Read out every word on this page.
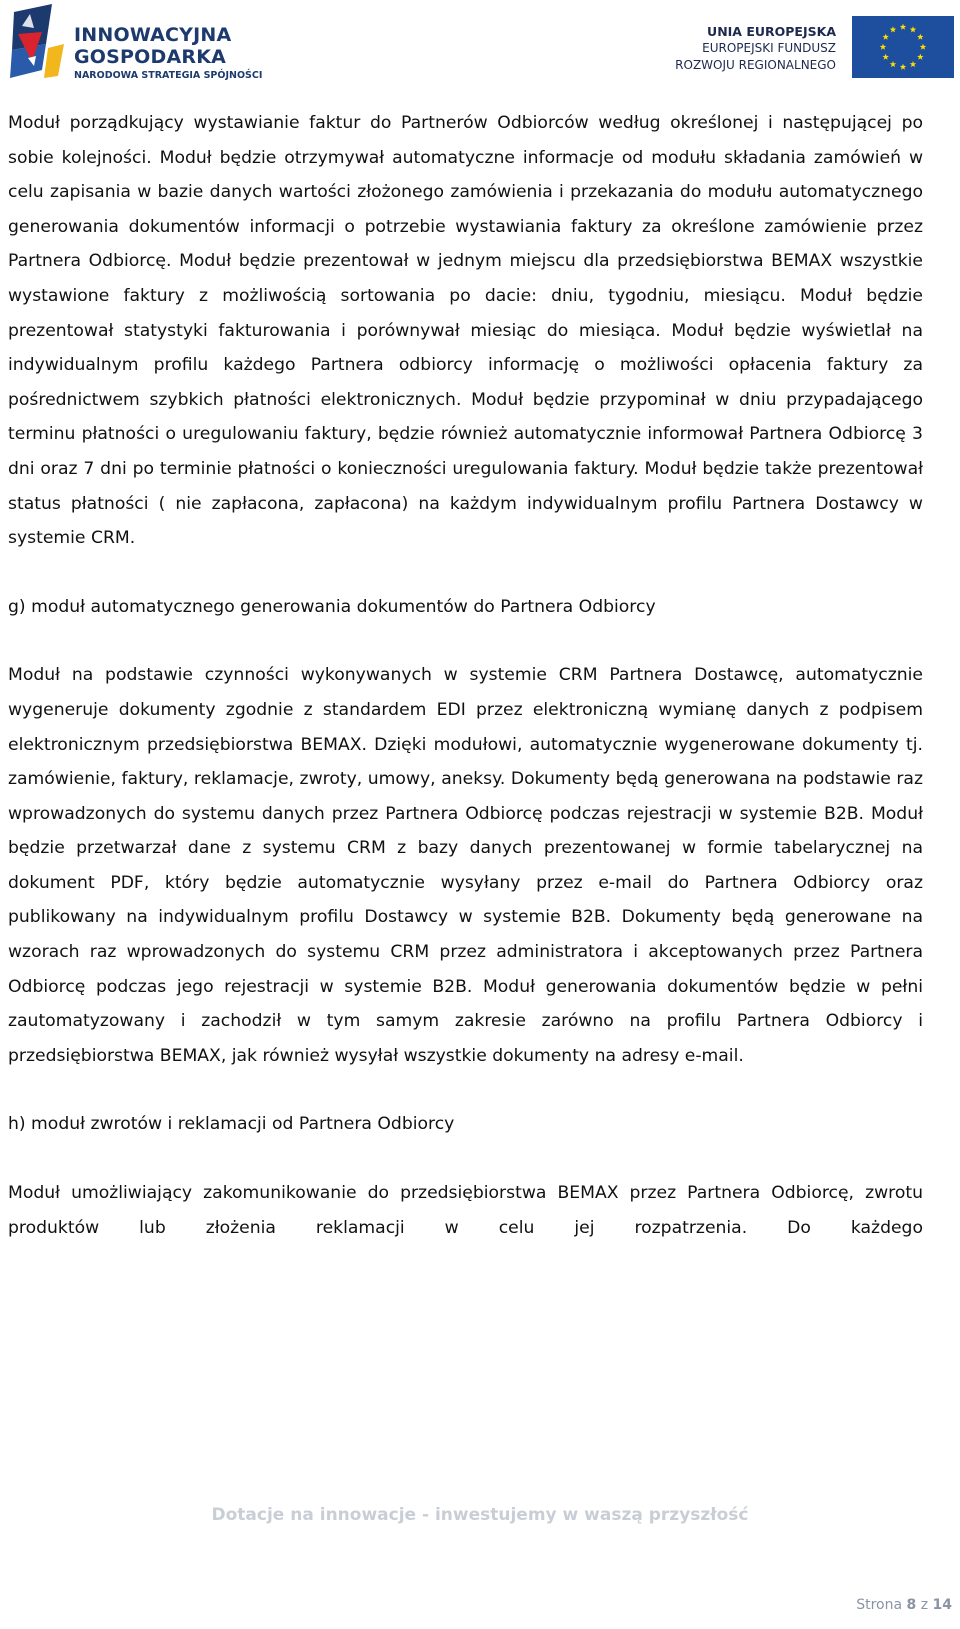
INNOWACYJNA
GOSPODARKA
NARODOWA STRATEGIA SPÓJNOŚCI
UNIA EUROPEJSKA
EUROPEJSKI FUNDUSZ
ROZWOJU REGIONALNEGO

Moduł porządkujący wystawianie faktur do Partnerów Odbiorców według określonej i następującej po sobie kolejności. Moduł będzie otrzymywał automatyczne informacje od modułu składania zamówień w celu zapisania w bazie danych wartości złożonego zamówienia i przekazania do modułu automatycznego generowania dokumentów informacji o potrzebie wystawiania faktury za określone zamówienie przez Partnera Odbiorcę. Moduł będzie prezentował w jednym miejscu dla przedsiębiorstwa BEMAX wszystkie wystawione faktury z możliwością sortowania po dacie: dniu, tygodniu, miesiącu. Moduł będzie prezentował statystyki fakturowania i porównywał miesiąc do miesiąca. Moduł będzie wyświetlał na indywidualnym profilu każdego Partnera odbiorcy informację o możliwości opłacenia faktury za pośrednictwem szybkich płatności elektronicznych. Moduł będzie przypominał w dniu przypadającego terminu płatności o uregulowaniu faktury, będzie również automatycznie informował Partnera Odbiorcę 3 dni oraz 7 dni po terminie płatności o konieczności uregulowania faktury. Moduł będzie także prezentował status płatności ( nie zapłacona, zapłacona) na każdym indywidualnym profilu Partnera Dostawcy w systemie CRM.

g) moduł automatycznego generowania dokumentów do Partnera Odbiorcy

Moduł na podstawie czynności wykonywanych w systemie CRM Partnera Dostawcę, automatycznie wygeneruje dokumenty zgodnie z standardem EDI przez elektroniczną wymianę danych z podpisem elektronicznym przedsiębiorstwa BEMAX. Dzięki modułowi, automatycznie wygenerowane dokumenty tj. zamówienie, faktury, reklamacje, zwroty, umowy, aneksy. Dokumenty będą generowana na podstawie raz wprowadzonych do systemu danych przez Partnera Odbiorcę podczas rejestracji w systemie B2B. Moduł będzie przetwarzał dane z systemu CRM z bazy danych prezentowanej w formie tabelarycznej na dokument PDF, który będzie automatycznie wysyłany przez e-mail do Partnera Odbiorcy oraz publikowany na indywidualnym profilu Dostawcy w systemie B2B. Dokumenty będą generowane na wzorach raz wprowadzonych do systemu CRM przez administratora i akceptowanych przez Partnera Odbiorcę podczas jego rejestracji w systemie B2B. Moduł generowania dokumentów będzie w pełni zautomatyzowany i zachodził w tym samym zakresie zarówno na profilu Partnera Odbiorcy i przedsiębiorstwa BEMAX, jak również wysyłał wszystkie dokumenty na adresy e-mail.

h) moduł zwrotów i reklamacji od Partnera Odbiorcy

Moduł umożliwiający zakomunikowanie do przedsiębiorstwa BEMAX przez Partnera Odbiorcę, zwrotu produktów lub złożenia reklamacji w celu jej rozpatrzenia. Do każdego

Dotacje na innowacje - inwestujemy w waszą przyszłość
Strona 8 z 14
